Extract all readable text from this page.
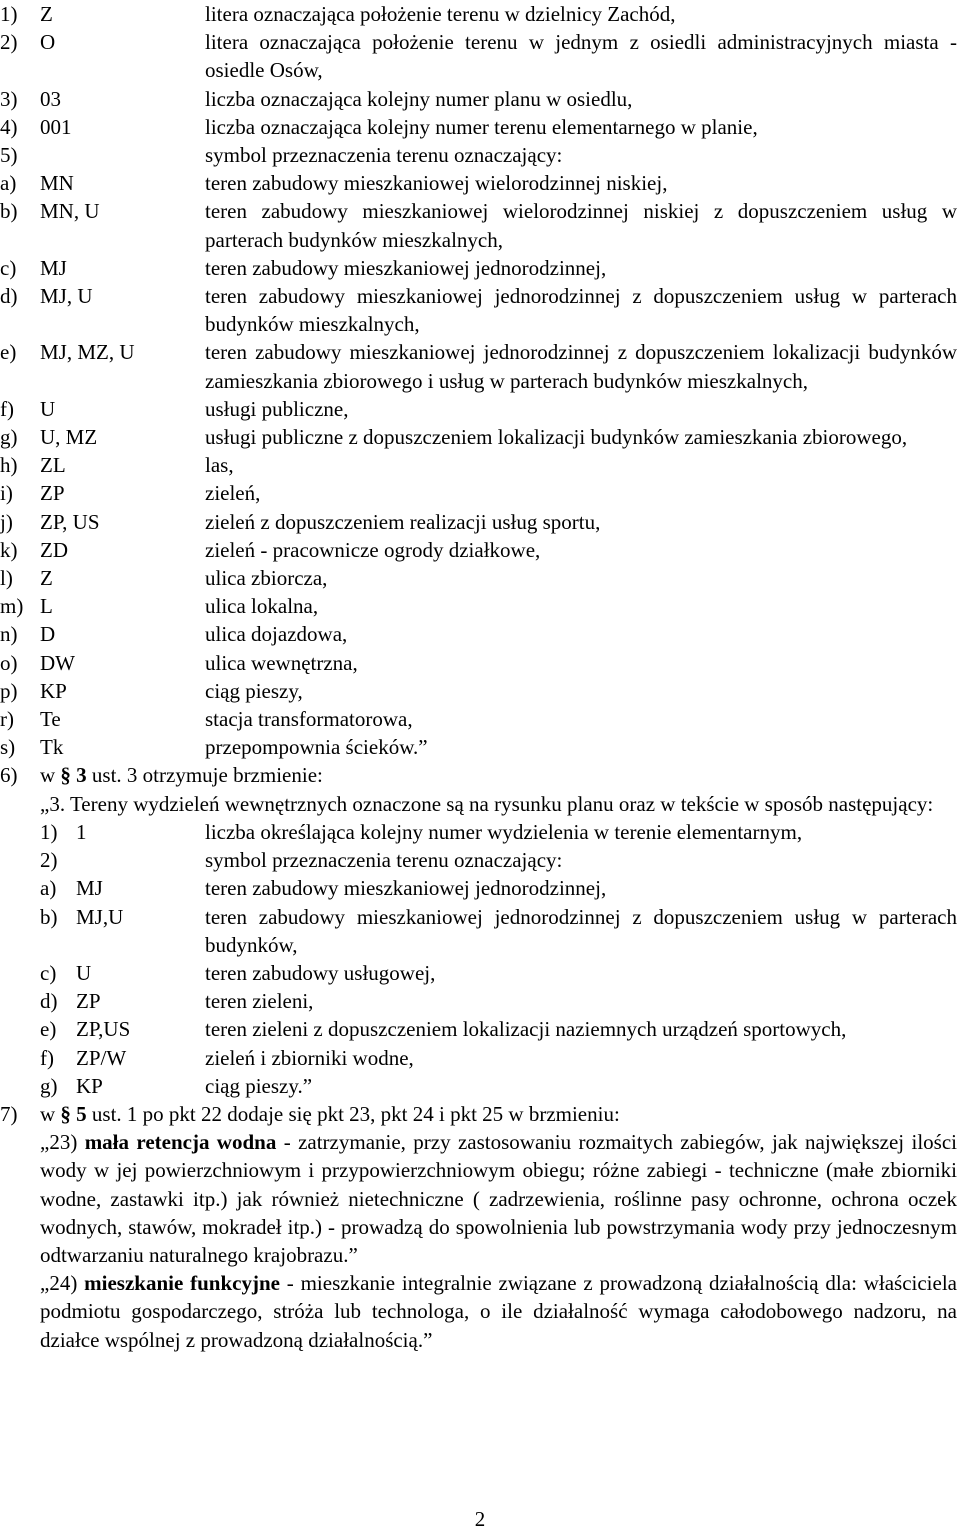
1) Z	litera oznaczająca położenie terenu w dzielnicy Zachód,
2) O	litera oznaczająca położenie terenu w jednym z osiedli administracyjnych miasta - osiedle Osów,
3) 03	liczba oznaczająca kolejny numer planu w osiedlu,
4) 001	liczba oznaczająca kolejny numer terenu elementarnego w planie,
5)	symbol przeznaczenia terenu oznaczający:
a) MN	teren zabudowy mieszkaniowej wielorodzinnej niskiej,
b) MN, U	teren zabudowy mieszkaniowej wielorodzinnej niskiej z dopuszczeniem usług w parterach budynków mieszkalnych,
c) MJ	teren zabudowy mieszkaniowej jednorodzinnej,
d) MJ, U	teren zabudowy mieszkaniowej jednorodzinnej z dopuszczeniem usług w parterach budynków mieszkalnych,
e) MJ, MZ, U	teren zabudowy mieszkaniowej jednorodzinnej z dopuszczeniem lokalizacji budynków zamieszkania zbiorowego i usług w parterach budynków mieszkalnych,
f) U	usługi publiczne,
g) U, MZ	usługi publiczne z dopuszczeniem lokalizacji budynków zamieszkania zbiorowego,
h) ZL	las,
i) ZP	zieleń,
j) ZP, US	zieleń z dopuszczeniem realizacji usług sportu,
k) ZD	zieleń - pracownicze ogrody działkowe,
l) Z	ulica zbiorcza,
m) L	ulica lokalna,
n) D	ulica dojazdowa,
o) DW	ulica wewnętrzna,
p) KP	ciąg pieszy,
r) Te	stacja transformatorowa,
s) Tk	przepompownia ścieków.”
6) w § 3 ust. 3 otrzymuje brzmienie:
„3. Tereny wydzieleń wewnętrznych oznaczone są na rysunku planu oraz w tekście w sposób następujący:
1) 1	liczba określająca kolejny numer wydzielenia w terenie elementarnym,
2)	symbol przeznaczenia terenu oznaczający:
a) MJ	teren zabudowy mieszkaniowej jednorodzinnej,
b) MJ,U	teren zabudowy mieszkaniowej jednorodzinnej z dopuszczeniem usług w parterach budynków,
c) U	teren zabudowy usługowej,
d) ZP	teren zieleni,
e) ZP,US	teren zieleni z dopuszczeniem lokalizacji naziemnych urządzeń sportowych,
f) ZP/W	zieleń i zbiorniki wodne,
g) KP	ciąg pieszy.”
7) w § 5 ust. 1 po pkt 22 dodaje się pkt 23, pkt 24 i pkt 25 w brzmieniu:
„23) mała retencja wodna - zatrzymanie, przy zastosowaniu rozmaitych zabiegów, jak największej ilości wody w jej powierzchniowym i przypowierzchniowym obiegu; różne zabiegi - techniczne (małe zbiorniki wodne, zastawki itp.) jak również nietechniczne ( zadrzewienia, roślinne pasy ochronne, ochrona oczek wodnych, stawów, mokradeł itp.) - prowadzą do spowolnienia lub powstrzymania wody przy jednoczesnym odtwarzaniu naturalnego krajobrazu.”
„24) mieszkanie funkcyjne - mieszkanie integralnie związane z prowadzoną działalnością dla: właściciela podmiotu gospodarczego, stróża lub technologa, o ile działalność wymaga całodobowego nadzoru, na działce wspólnej z prowadzoną działalnością.”
2
